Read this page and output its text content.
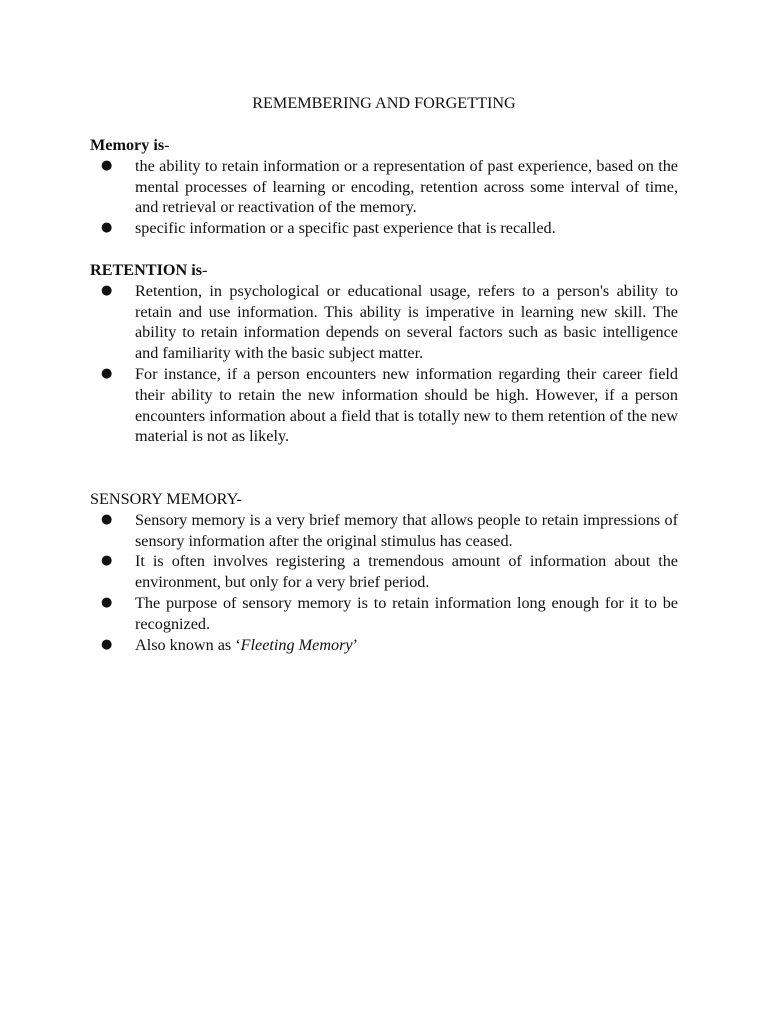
REMEMBERING AND FORGETTING

Memory is-

● the ability to retain information or a representation of past experience, based on the mental processes of learning or encoding, retention across some interval of time, and retrieval or reactivation of the memory.
● specific information or a specific past experience that is recalled.

RETENTION is-

● Retention, in psychological or educational usage, refers to a person's ability to retain and use information. This ability is imperative in learning new skill. The ability to retain information depends on several factors such as basic intelligence and familiarity with the basic subject matter.
● For instance, if a person encounters new information regarding their career field their ability to retain the new information should be high. However, if a person encounters information about a field that is totally new to them retention of the new material is not as likely.

SENSORY MEMORY-

● Sensory memory is a very brief memory that allows people to retain impressions of sensory information after the original stimulus has ceased.
● It is often involves registering a tremendous amount of information about the environment, but only for a very brief period.
● The purpose of sensory memory is to retain information long enough for it to be recognized.
● Also known as ‘Fleeting Memory’
